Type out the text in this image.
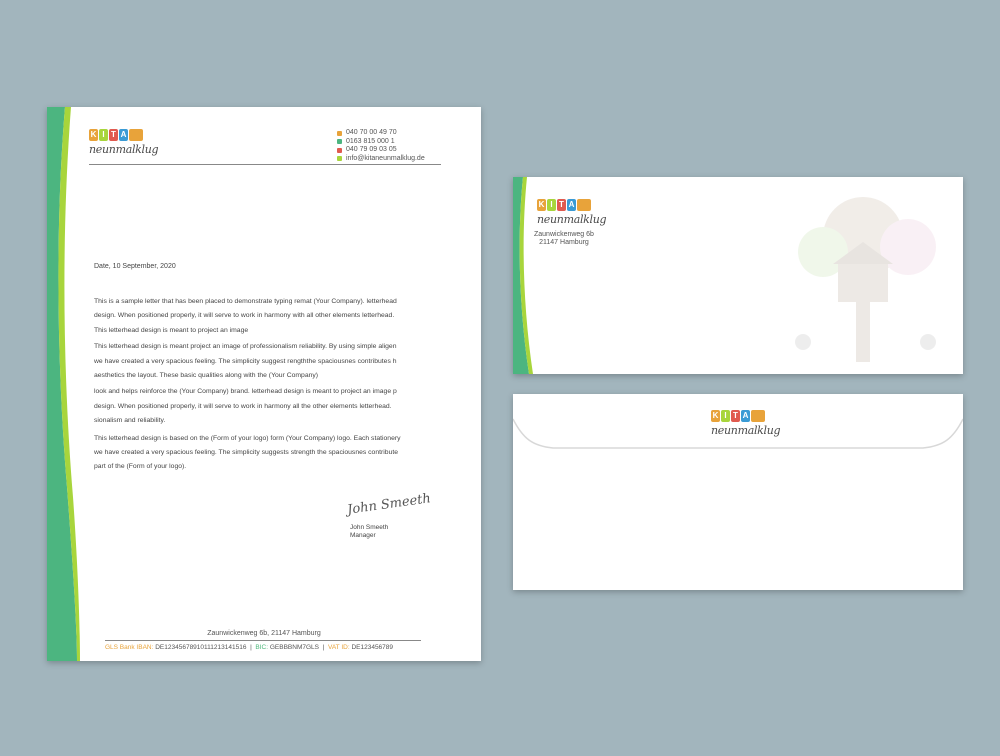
K I T A
neunmalklug
040 70 00 49 70
0163 815 000 1
040 79 09 03 05
info@kitaneunmalklug.de
Date, 10 September, 2020

This is a sample letter that has been placed to demonstrate typing remat (Your Company). letterhead

design. When positioned properly, it will serve to work in harmony with all other elements letterhead.

This letterhead design is meant to project an image

This letterhead design is meant project an image of professionalism reliability. By using simple aligen

we have created a very spacious feeling. The simplicity suggest rengththe spaciousnes contributes h

aesthetics the layout. These basic qualities along with the (Your Company)

look and helps reinforce the (Your Company) brand. letterhead design is meant to project an image p

design. When positioned properly, it will serve to work in harmony all the other elements letterhead.

sionalism and reliability.

This letterhead design is based on the (Form of your logo) form (Your Company) logo. Each stationery

we have created a very spacious feeling. The simplicity suggests strength the spaciousnes contribute

part of the (Form of your logo).

John Smeeth
John Smeeth
Manager
Zaunwickenweg 6b, 21147 Hamburg
GLS Bank IBAN: DE12345678910111213141516 | BIC: GEBBBNM7GLS | VAT ID: DE123456789
K I T A
neunmalklug
Zaunwickenweg 6b
21147 Hamburg
K I T A
neunmalklug
